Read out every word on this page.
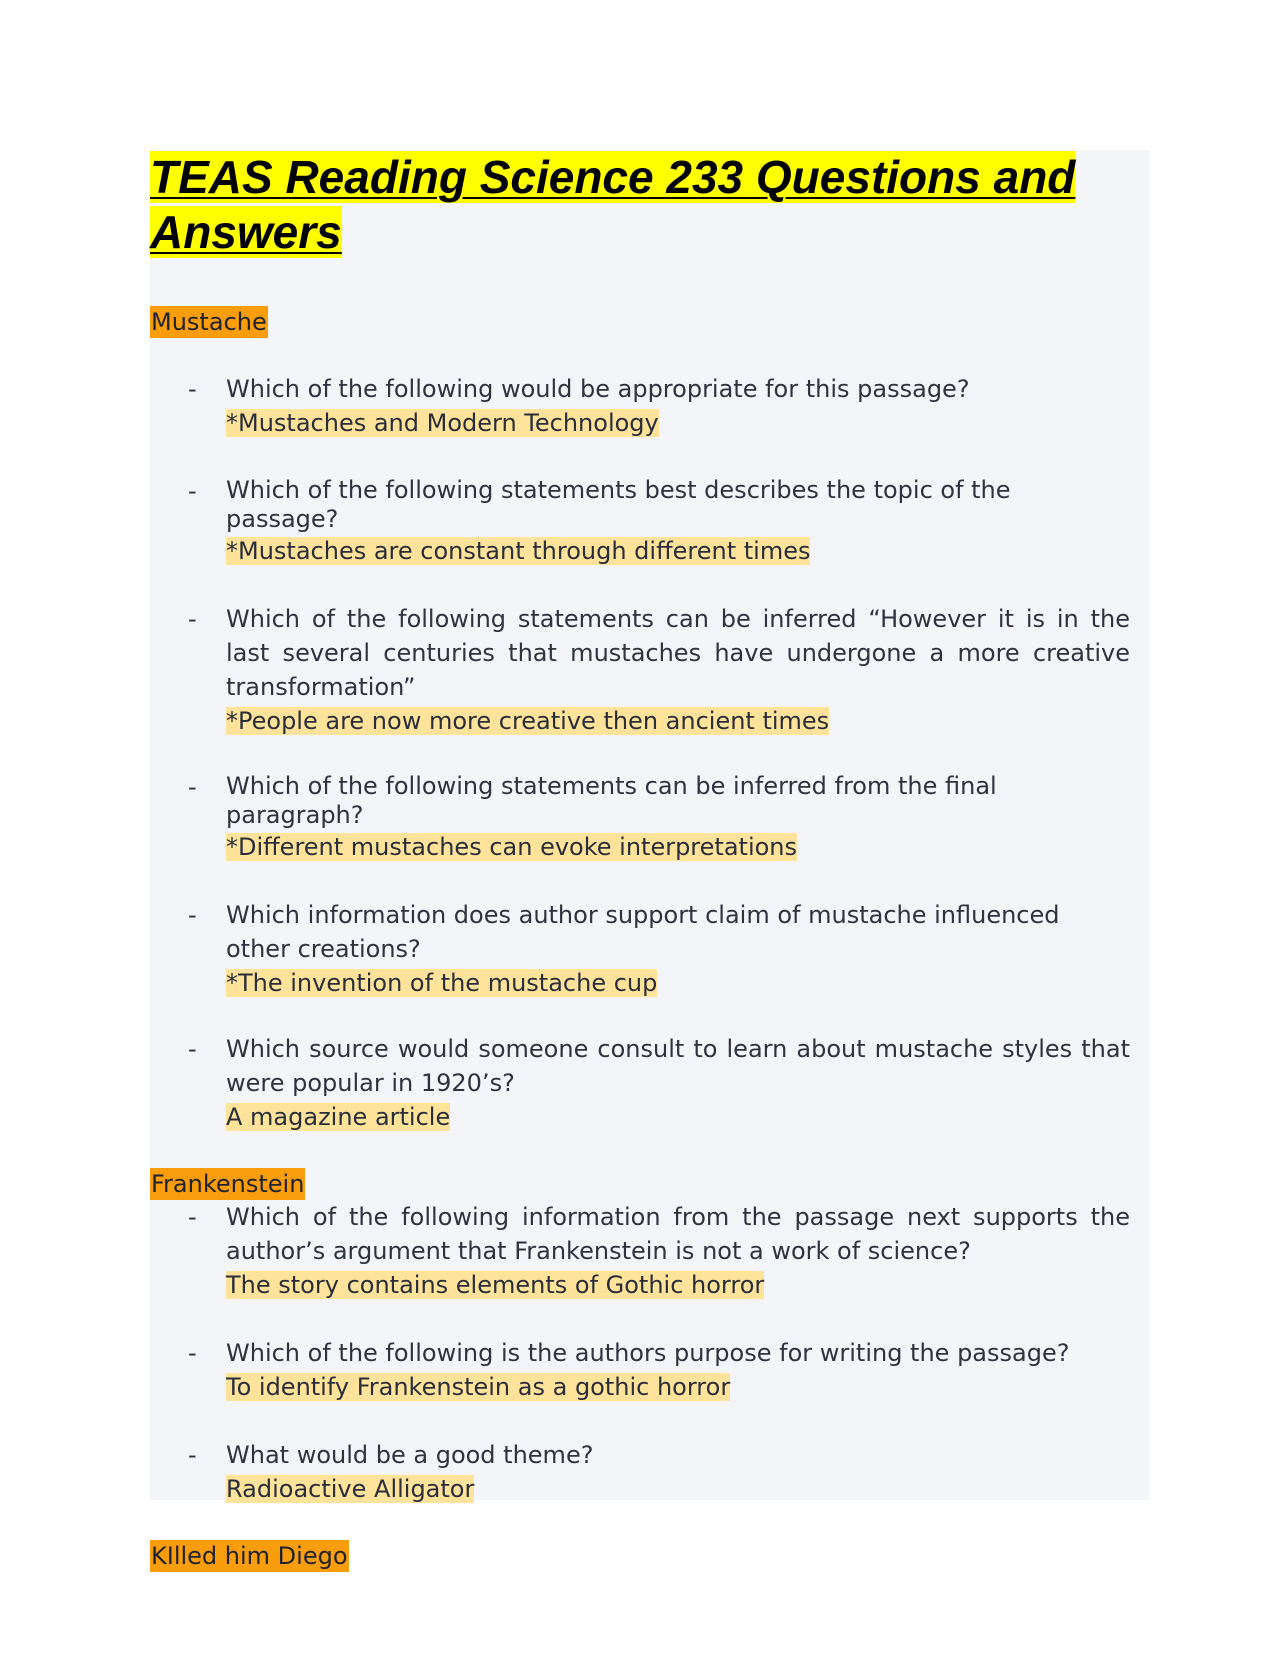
TEAS Reading Science 233 Questions and
Answers
Mustache
- Which of the following would be appropriate for this passage?
*Mustaches and Modern Technology
- Which of the following statements best describes the topic of the passage?
*Mustaches are constant through different times
- Which of the following statements can be inferred “However it is in the last several centuries that mustaches have undergone a more creative transformation”
*People are now more creative then ancient times
- Which of the following statements can be inferred from the final paragraph?
*Different mustaches can evoke interpretations
- Which information does author support claim of mustache influenced other creations?
*The invention of the mustache cup
- Which source would someone consult to learn about mustache styles that were popular in 1920’s?
A magazine article
Frankenstein
- Which of the following information from the passage next supports the author’s argument that Frankenstein is not a work of science?
The story contains elements of Gothic horror
- Which of the following is the authors purpose for writing the passage?
To identify Frankenstein as a gothic horror
- What would be a good theme?
Radioactive Alligator
KIlled him Diego
